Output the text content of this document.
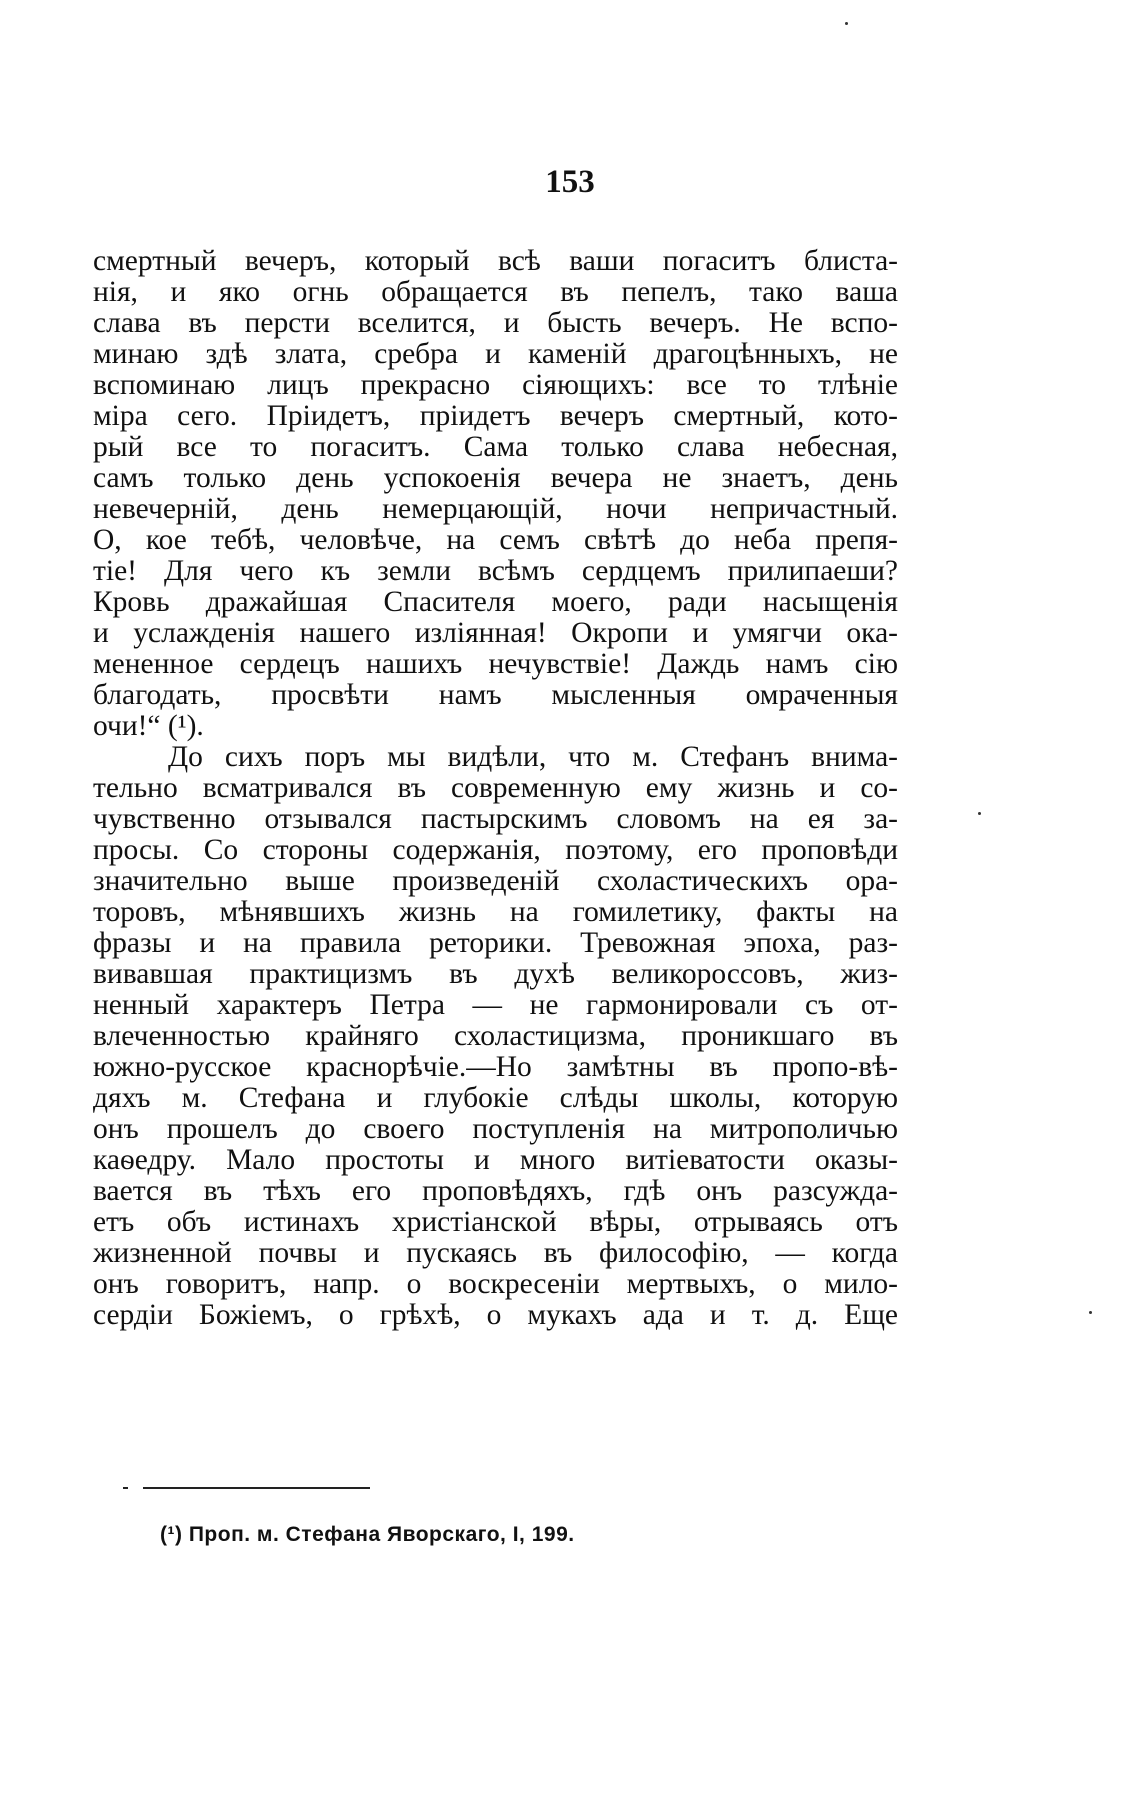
153
смертный вечеръ, который всѣ ваши погаситъ блиста-
нія, и яко огнь обращается въ пепелъ, тако ваша
слава въ персти вселится, и бысть вечеръ. Не вспо-
минаю здѣ злата, сребра и каменій драгоцѣнныхъ, не
вспоминаю лицъ прекрасно сіяющихъ: все то тлѣніе
міра сего. Пріидетъ, пріидетъ вечеръ смертный, кото-
рый все то погаситъ. Сама только слава небесная,
самъ только день успокоенія вечера не знаетъ, день
невечерній, день немерцающій, ночи непричастный.
О, кое тебѣ, человѣче, на семъ свѣтѣ до неба препя-
тіе! Для чего къ земли всѣмъ сердцемъ прилипаеши?
Кровь дражайшая Спасителя моего, ради насыщенія
и услажденія нашего изліянная! Окропи и умягчи ока-
мененное сердецъ нашихъ нечувствіе! Даждь намъ сію
благодать, просвѣти намъ мысленныя омраченныя
очи!“ (¹).
До сихъ поръ мы видѣли, что м. Стефанъ внима-
тельно всматривался въ современную ему жизнь и со-
чувственно отзывался пастырскимъ словомъ на ея за-
просы. Со стороны содержанія, поэтому, его проповѣди
значительно выше произведеній схоластическихъ ора-
торовъ, мѣнявшихъ жизнь на гомилетику, факты на
фразы и на правила реторики. Тревожная эпоха, раз-
вивавшая практицизмъ въ духѣ великороссовъ, жиз-
ненный характеръ Петра — не гармонировали съ от-
влеченностью крайняго схоластицизма, проникшаго въ
южно-русское краснорѣчіе.—Но замѣтны въ пропо-вѣ-
дяхъ м. Стефана и глубокіе слѣды школы, которую
онъ прошелъ до своего поступленія на митрополичью
каѳедру. Мало простоты и много витіеватости оказы-
вается въ тѣхъ его проповѣдяхъ, гдѣ онъ разсужда-
етъ объ истинахъ христіанской вѣры, отрываясь отъ
жизненной почвы и пускаясь въ философію, — когда
онъ говоритъ, напр. о воскресеніи мертвыхъ, о мило-
сердіи Божіемъ, о грѣхѣ, о мукахъ ада и т. д. Еще
(¹) Проп. м. Стефана Яворскаго, I, 199.
